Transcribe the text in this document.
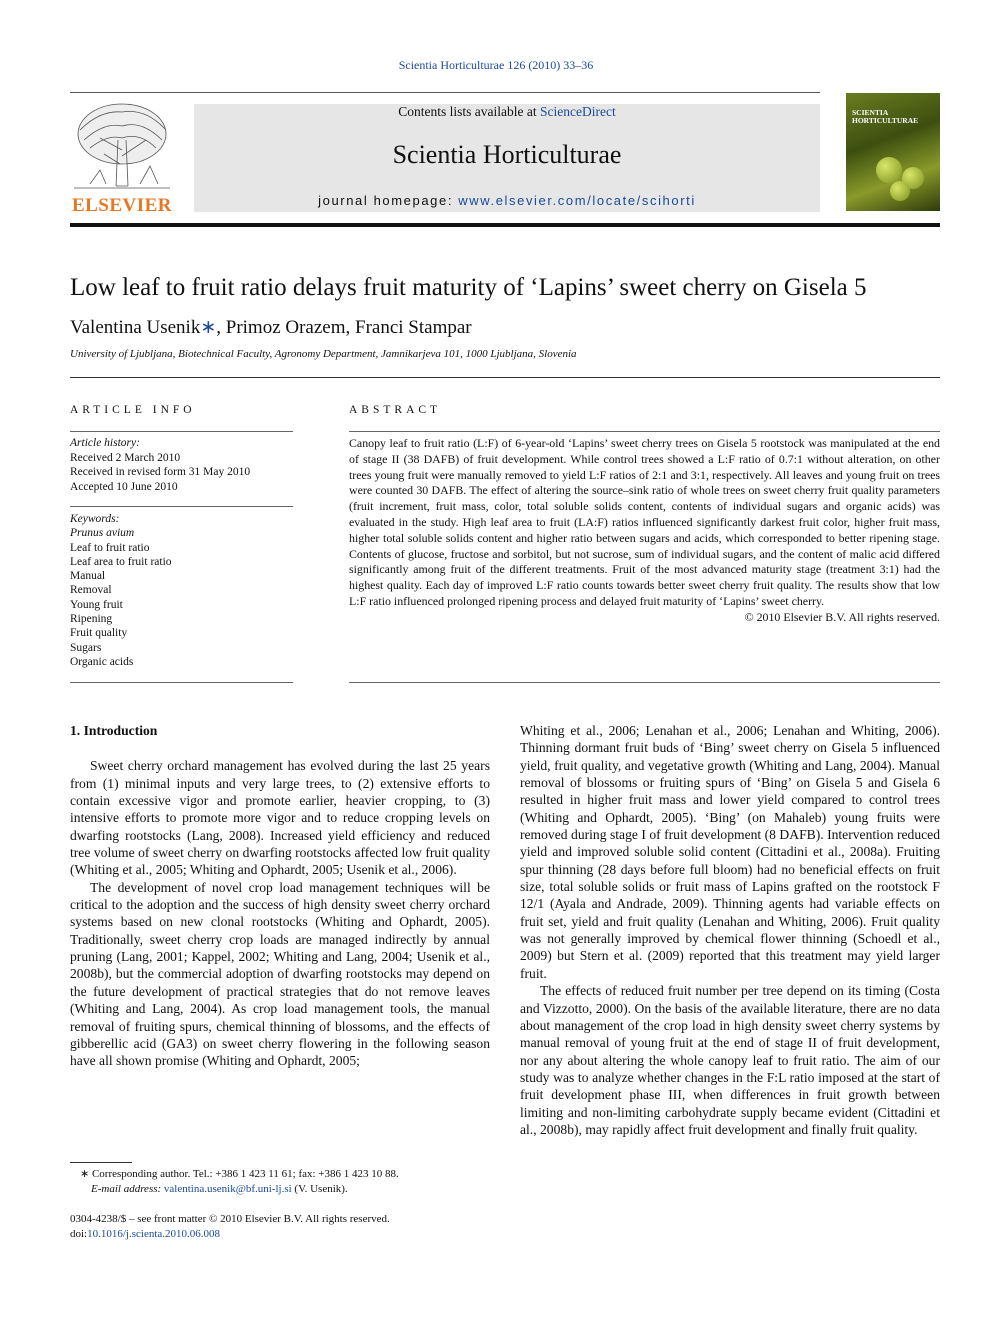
Scientia Horticulturae 126 (2010) 33–36
ELSEVIER
Contents lists available at ScienceDirect
Scientia Horticulturae
journal homepage: www.elsevier.com/locate/scihorti
SCIENTIA HORTICULTURAE
Low leaf to fruit ratio delays fruit maturity of ‘Lapins’ sweet cherry on Gisela 5
Valentina Usenik∗, Primoz Orazem, Franci Stampar
University of Ljubljana, Biotechnical Faculty, Agronomy Department, Jamnikarjeva 101, 1000 Ljubljana, Slovenia
ARTICLE INFO	ABSTRACT
Article history:
Received 2 March 2010
Received in revised form 31 May 2010
Accepted 10 June 2010
Keywords:
Prunus avium
Leaf to fruit ratio
Leaf area to fruit ratio
Manual
Removal
Young fruit
Ripening
Fruit quality
Sugars
Organic acids
Canopy leaf to fruit ratio (L:F) of 6-year-old ‘Lapins’ sweet cherry trees on Gisela 5 rootstock was manipulated at the end of stage II (38 DAFB) of fruit development. While control trees showed a L:F ratio of 0.7:1 without alteration, on other trees young fruit were manually removed to yield L:F ratios of 2:1 and 3:1, respectively. All leaves and young fruit on trees were counted 30 DAFB. The effect of altering the source–sink ratio of whole trees on sweet cherry fruit quality parameters (fruit increment, fruit mass, color, total soluble solids content, contents of individual sugars and organic acids) was evaluated in the study. High leaf area to fruit (LA:F) ratios influenced significantly darkest fruit color, higher fruit mass, higher total soluble solids content and higher ratio between sugars and acids, which corresponded to better ripening stage. Contents of glucose, fructose and sorbitol, but not sucrose, sum of individual sugars, and the content of malic acid differed significantly among fruit of the different treatments. Fruit of the most advanced maturity stage (treatment 3:1) had the highest quality. Each day of improved L:F ratio counts towards better sweet cherry fruit quality. The results show that low L:F ratio influenced prolonged ripening process and delayed fruit maturity of ‘Lapins’ sweet cherry.
© 2010 Elsevier B.V. All rights reserved.
1. Introduction

Sweet cherry orchard management has evolved during the last 25 years from (1) minimal inputs and very large trees, to (2) extensive efforts to contain excessive vigor and promote earlier, heavier cropping, to (3) intensive efforts to promote more vigor and to reduce cropping levels on dwarfing rootstocks (Lang, 2008). Increased yield efficiency and reduced tree volume of sweet cherry on dwarfing rootstocks affected low fruit quality (Whiting et al., 2005; Whiting and Ophardt, 2005; Usenik et al., 2006).

The development of novel crop load management techniques will be critical to the adoption and the success of high density sweet cherry orchard systems based on new clonal rootstocks (Whiting and Ophardt, 2005). Traditionally, sweet cherry crop loads are managed indirectly by annual pruning (Lang, 2001; Kappel, 2002; Whiting and Lang, 2004; Usenik et al., 2008b), but the commercial adoption of dwarfing rootstocks may depend on the future development of practical strategies that do not remove leaves (Whiting and Lang, 2004). As crop load management tools, the manual removal of fruiting spurs, chemical thinning of blossoms, and the effects of gibberellic acid (GA3) on sweet cherry flowering in the following season have all shown promise (Whiting and Ophardt, 2005;

Whiting et al., 2006; Lenahan et al., 2006; Lenahan and Whiting, 2006). Thinning dormant fruit buds of ‘Bing’ sweet cherry on Gisela 5 influenced yield, fruit quality, and vegetative growth (Whiting and Lang, 2004). Manual removal of blossoms or fruiting spurs of ‘Bing’ on Gisela 5 and Gisela 6 resulted in higher fruit mass and lower yield compared to control trees (Whiting and Ophardt, 2005). ‘Bing’ (on Mahaleb) young fruits were removed during stage I of fruit development (8 DAFB). Intervention reduced yield and improved soluble solid content (Cittadini et al., 2008a). Fruiting spur thinning (28 days before full bloom) had no beneficial effects on fruit size, total soluble solids or fruit mass of Lapins grafted on the rootstock F 12/1 (Ayala and Andrade, 2009). Thinning agents had variable effects on fruit set, yield and fruit quality (Lenahan and Whiting, 2006). Fruit quality was not generally improved by chemical flower thinning (Schoedl et al., 2009) but Stern et al. (2009) reported that this treatment may yield larger fruit.

The effects of reduced fruit number per tree depend on its timing (Costa and Vizzotto, 2000). On the basis of the available literature, there are no data about management of the crop load in high density sweet cherry systems by manual removal of young fruit at the end of stage II of fruit development, nor any about altering the whole canopy leaf to fruit ratio. The aim of our study was to analyze whether changes in the F:L ratio imposed at the start of fruit development phase III, when differences in fruit growth between limiting and non-limiting carbohydrate supply became evident (Cittadini et al., 2008b), may rapidly affect fruit development and finally fruit quality.

∗ Corresponding author. Tel.: +386 1 423 11 61; fax: +386 1 423 10 88.
E-mail address: valentina.usenik@bf.uni-lj.si (V. Usenik).
0304-4238/$ – see front matter © 2010 Elsevier B.V. All rights reserved.
doi:10.1016/j.scienta.2010.06.008
